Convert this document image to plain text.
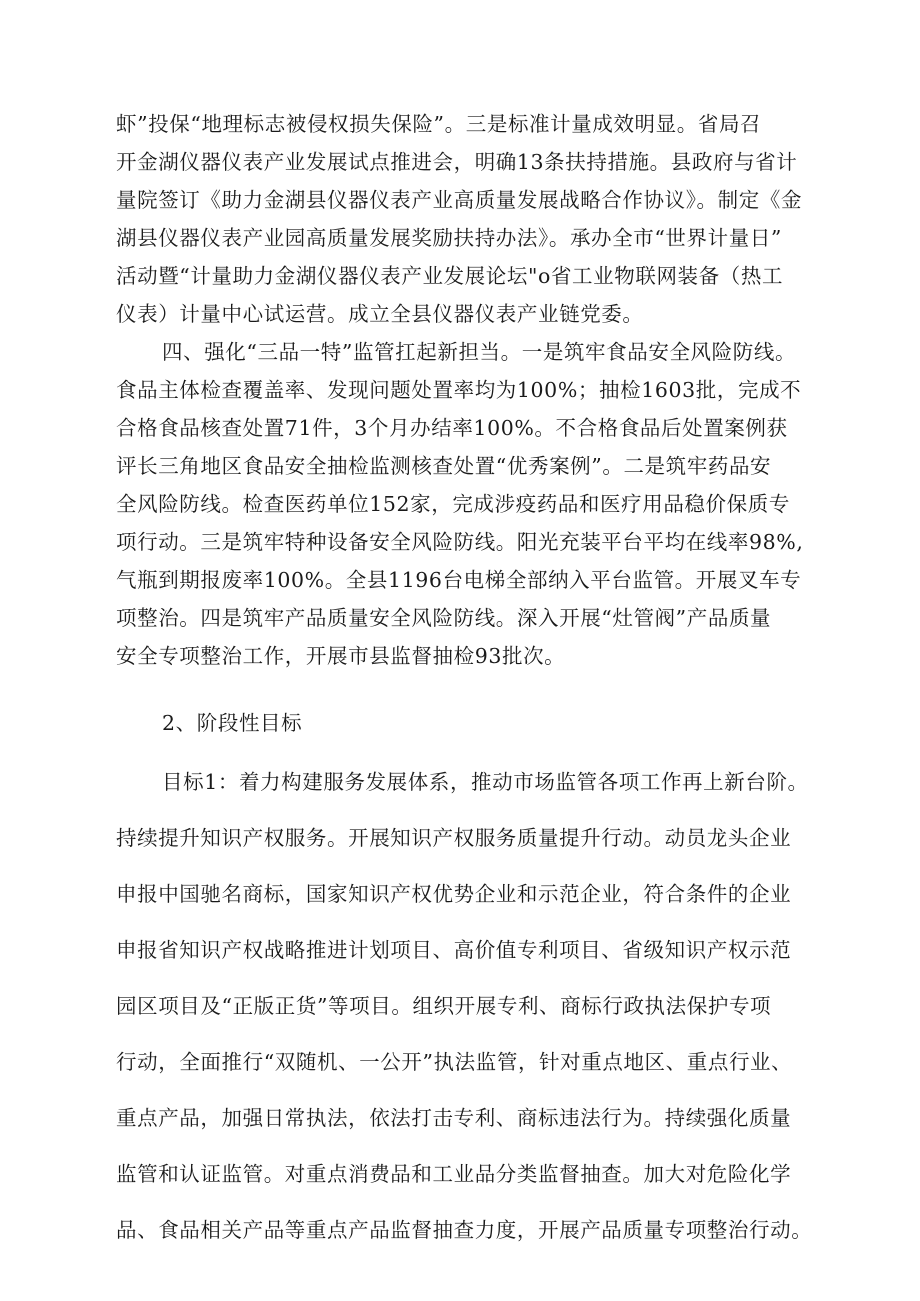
虾”投保“地理标志被侵权损失保险”。三是标准计量成效明显。省局召
开金湖仪器仪表产业发展试点推进会，明确13条扶持措施。县政府与省计
量院签订《助力金湖县仪器仪表产业高质量发展战略合作协议》。制定《金
湖县仪器仪表产业园高质量发展奖励扶持办法》。承办全市“世界计量日”
活动暨“计量助力金湖仪器仪表产业发展论坛"o省工业物联网装备（热工
仪表）计量中心试运营。成立全县仪器仪表产业链党委。
四、强化“三品一特”监管扛起新担当。一是筑牢食品安全风险防线。
食品主体检查覆盖率、发现问题处置率均为100%；抽检1603批，完成不
合格食品核查处置71件，3个月办结率100%。不合格食品后处置案例获
评长三角地区食品安全抽检监测核查处置“优秀案例”。二是筑牢药品安
全风险防线。检查医药单位152家，完成涉疫药品和医疗用品稳价保质专
项行动。三是筑牢特种设备安全风险防线。阳光充装平台平均在线率98%,
气瓶到期报废率100%。全县1196台电梯全部纳入平台监管。开展叉车专
项整治。四是筑牢产品质量安全风险防线。深入开展“灶管阀”产品质量
安全专项整治工作，开展市县监督抽检93批次。
2、阶段性目标
目标1：着力构建服务发展体系，推动市场监管各项工作再上新台阶。
持续提升知识产权服务。开展知识产权服务质量提升行动。动员龙头企业
申报中国驰名商标，国家知识产权优势企业和示范企业，符合条件的企业
申报省知识产权战略推进计划项目、高价值专利项目、省级知识产权示范
园区项目及“正版正货”等项目。组织开展专利、商标行政执法保护专项
行动，全面推行“双随机、一公开”执法监管，针对重点地区、重点行业、
重点产品，加强日常执法，依法打击专利、商标违法行为。持续强化质量
监管和认证监管。对重点消费品和工业品分类监督抽查。加大对危险化学
品、食品相关产品等重点产品监督抽查力度，开展产品质量专项整治行动。
